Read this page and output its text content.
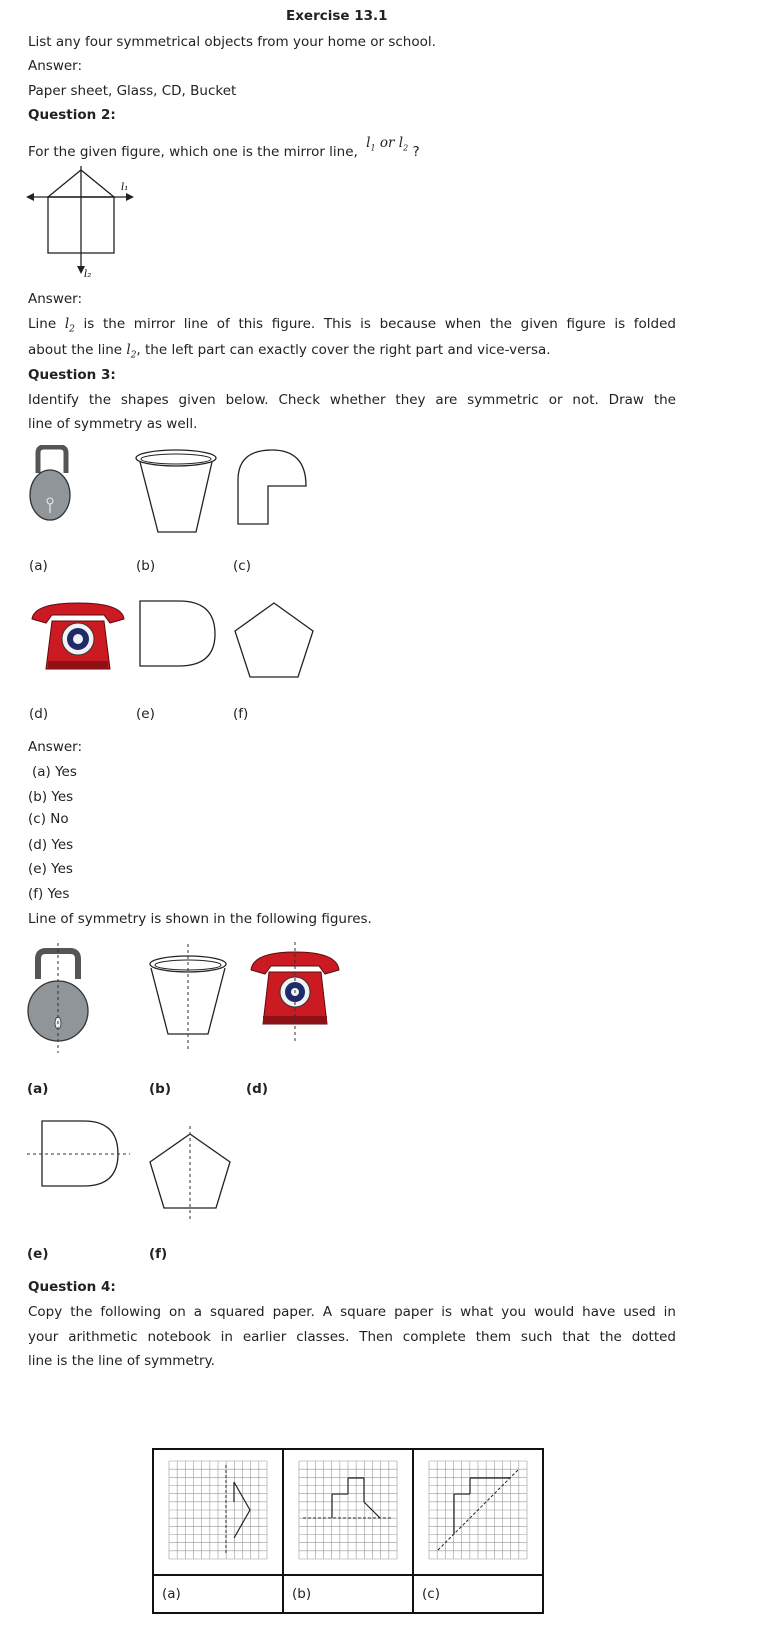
Exercise 13.1
List any four symmetrical objects from your home or school.
Answer:
Paper sheet, Glass, CD, Bucket
Question 2:
For the given figure, which one is the mirror line, $l_1$ or $l_2$ ?
l₁
l₂
Answer:
Line $l_2$ is the mirror line of this figure. This is because when the given figure is folded
about the line $l_2$, the left part can exactly cover the right part and vice-versa.
Question 3:
Identify the shapes given below. Check whether they are symmetric or not. Draw the
line of symmetry as well.
(a)	(b)	(c)
(d)	(e)	(f)
Answer:
(a) Yes
(b) Yes
(c) No
(d) Yes
(e) Yes
(f) Yes
Line of symmetry is shown in the following figures.
(a)	(b)	(d)
(e)	(f)
Question 4:
Copy the following on a squared paper. A square paper is what you would have used in
your arithmetic notebook in earlier classes. Then complete them such that the dotted
line is the line of symmetry.

(a)	(b)	(c)
